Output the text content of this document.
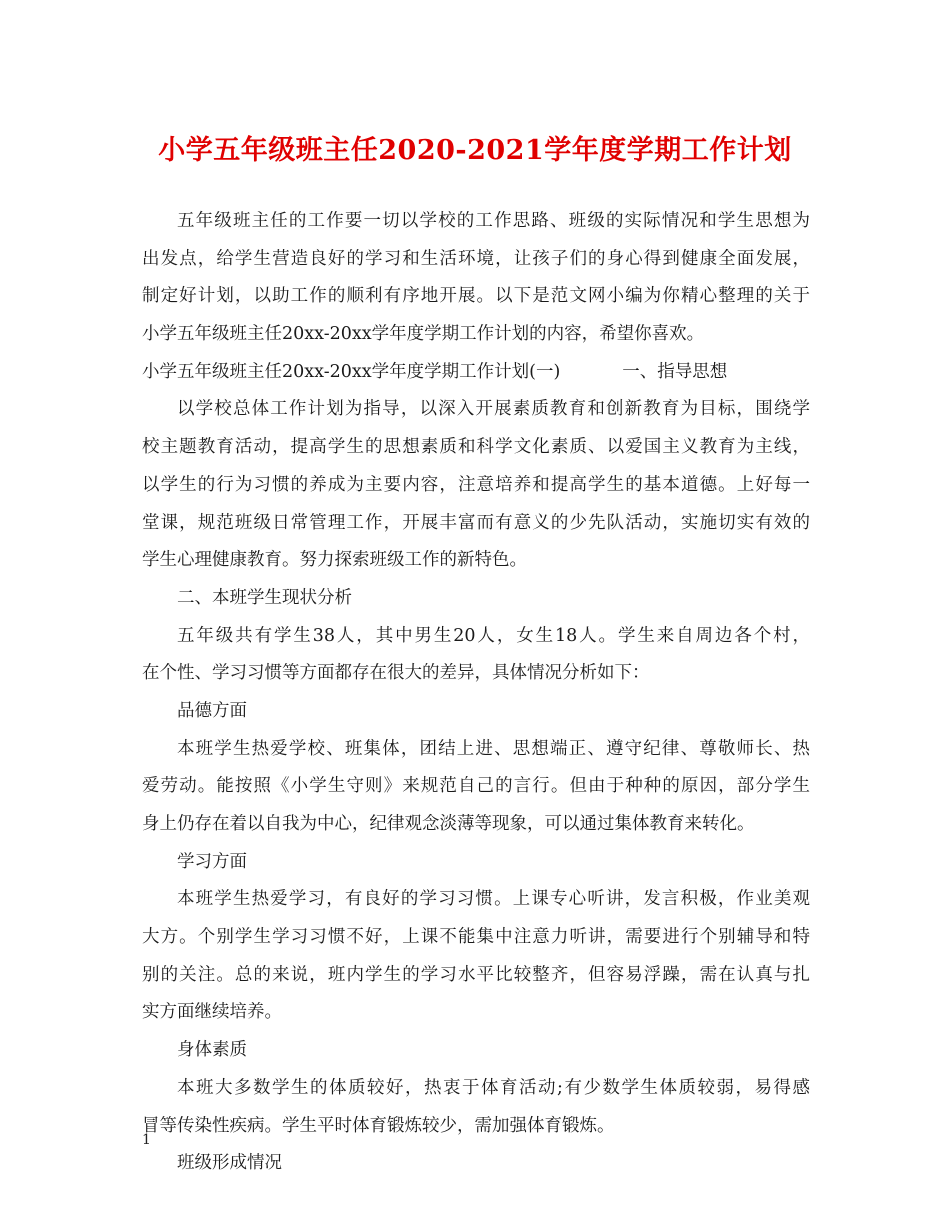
小学五年级班主任2020-2021学年度学期工作计划
五年级班主任的工作要一切以学校的工作思路、班级的实际情况和学生思想为
出发点，给学生营造良好的学习和生活环境，让孩子们的身心得到健康全面发展，
制定好计划，以助工作的顺利有序地开展。以下是范文网小编为你精心整理的关于
小学五年级班主任20xx-20xx学年度学期工作计划的内容，希望你喜欢。
小学五年级班主任20xx-20xx学年度学期工作计划(一)	一、指导思想
以学校总体工作计划为指导，以深入开展素质教育和创新教育为目标，围绕学
校主题教育活动，提高学生的思想素质和科学文化素质、以爱国主义教育为主线，
以学生的行为习惯的养成为主要内容，注意培养和提高学生的基本道德。上好每一
堂课，规范班级日常管理工作，开展丰富而有意义的少先队活动，实施切实有效的
学生心理健康教育。努力探索班级工作的新特色。
二、本班学生现状分析
五年级共有学生38人，其中男生20人，女生18人。学生来自周边各个村，
在个性、学习习惯等方面都存在很大的差异，具体情况分析如下：
品德方面
本班学生热爱学校、班集体，团结上进、思想端正、遵守纪律、尊敬师长、热
爱劳动。能按照《小学生守则》来规范自己的言行。但由于种种的原因，部分学生
身上仍存在着以自我为中心，纪律观念淡薄等现象，可以通过集体教育来转化。
学习方面
本班学生热爱学习，有良好的学习习惯。上课专心听讲，发言积极，作业美观
大方。个别学生学习习惯不好，上课不能集中注意力听讲，需要进行个别辅导和特
别的关注。总的来说，班内学生的学习水平比较整齐，但容易浮躁，需在认真与扎
实方面继续培养。
身体素质
本班大多数学生的体质较好，热衷于体育活动;有少数学生体质较弱，易得感
冒等传染性疾病。学生平时体育锻炼较少，需加强体育锻炼。
班级形成情况
1
